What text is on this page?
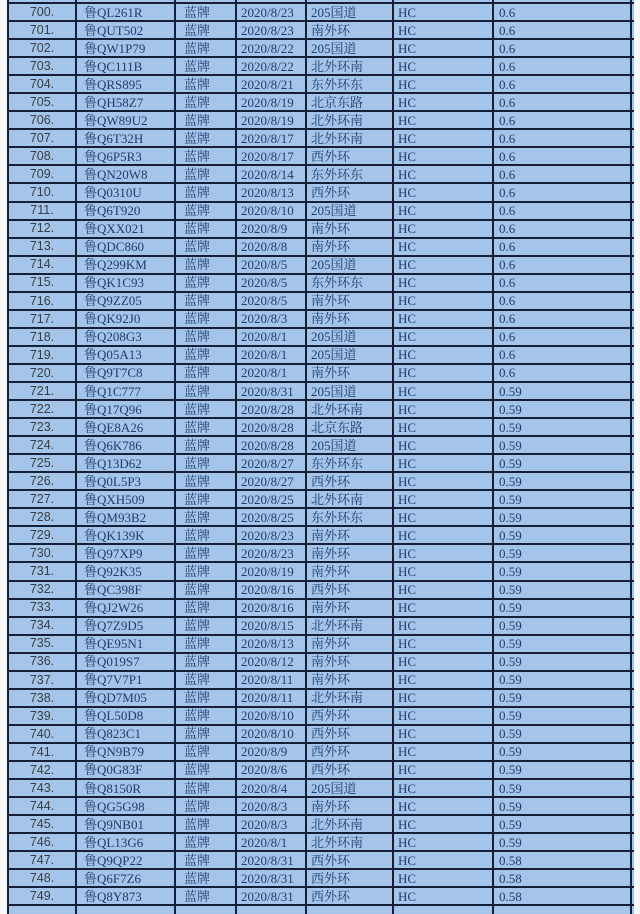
700.	鲁QL261R	蓝牌	2020/8/23	205国道	HC	0.6
701.	鲁QUT502	蓝牌	2020/8/23	南外环	HC	0.6
702.	鲁QW1P79	蓝牌	2020/8/22	205国道	HC	0.6
703.	鲁QC111B	蓝牌	2020/8/22	北外环南	HC	0.6
704.	鲁QRS895	蓝牌	2020/8/21	东外环东	HC	0.6
705.	鲁QH58Z7	蓝牌	2020/8/19	北京东路	HC	0.6
706.	鲁QW89U2	蓝牌	2020/8/19	北外环南	HC	0.6
707.	鲁Q6T32H	蓝牌	2020/8/17	北外环南	HC	0.6
708.	鲁Q6P5R3	蓝牌	2020/8/17	西外环	HC	0.6
709.	鲁QN20W8	蓝牌	2020/8/14	东外环东	HC	0.6
710.	鲁Q0310U	蓝牌	2020/8/13	西外环	HC	0.6
711.	鲁Q6T920	蓝牌	2020/8/10	205国道	HC	0.6
712.	鲁QXX021	蓝牌	2020/8/9	南外环	HC	0.6
713.	鲁QDC860	蓝牌	2020/8/8	南外环	HC	0.6
714.	鲁Q299KM	蓝牌	2020/8/5	205国道	HC	0.6
715.	鲁QK1C93	蓝牌	2020/8/5	东外环东	HC	0.6
716.	鲁Q9ZZ05	蓝牌	2020/8/5	南外环	HC	0.6
717.	鲁QK92J0	蓝牌	2020/8/3	南外环	HC	0.6
718.	鲁Q208G3	蓝牌	2020/8/1	205国道	HC	0.6
719.	鲁Q05A13	蓝牌	2020/8/1	205国道	HC	0.6
720.	鲁Q9T7C8	蓝牌	2020/8/1	南外环	HC	0.6
721.	鲁Q1C777	蓝牌	2020/8/31	205国道	HC	0.59
722.	鲁Q17Q96	蓝牌	2020/8/28	北外环南	HC	0.59
723.	鲁QE8A26	蓝牌	2020/8/28	北京东路	HC	0.59
724.	鲁Q6K786	蓝牌	2020/8/28	205国道	HC	0.59
725.	鲁Q13D62	蓝牌	2020/8/27	东外环东	HC	0.59
726.	鲁Q0L5P3	蓝牌	2020/8/27	西外环	HC	0.59
727.	鲁QXH509	蓝牌	2020/8/25	北外环南	HC	0.59
728.	鲁QM93B2	蓝牌	2020/8/25	东外环东	HC	0.59
729.	鲁QK139K	蓝牌	2020/8/23	南外环	HC	0.59
730.	鲁Q97XP9	蓝牌	2020/8/23	南外环	HC	0.59
731.	鲁Q92K35	蓝牌	2020/8/19	南外环	HC	0.59
732.	鲁QC398F	蓝牌	2020/8/16	西外环	HC	0.59
733.	鲁QJ2W26	蓝牌	2020/8/16	南外环	HC	0.59
734.	鲁Q7Z9D5	蓝牌	2020/8/15	北外环南	HC	0.59
735.	鲁QE95N1	蓝牌	2020/8/13	南外环	HC	0.59
736.	鲁Q019S7	蓝牌	2020/8/12	南外环	HC	0.59
737.	鲁Q7V7P1	蓝牌	2020/8/11	南外环	HC	0.59
738.	鲁QD7M05	蓝牌	2020/8/11	北外环南	HC	0.59
739.	鲁QL50D8	蓝牌	2020/8/10	西外环	HC	0.59
740.	鲁Q823C1	蓝牌	2020/8/10	西外环	HC	0.59
741.	鲁QN9B79	蓝牌	2020/8/9	西外环	HC	0.59
742.	鲁Q0G83F	蓝牌	2020/8/6	西外环	HC	0.59
743.	鲁Q8150R	蓝牌	2020/8/4	205国道	HC	0.59
744.	鲁QG5G98	蓝牌	2020/8/3	南外环	HC	0.59
745.	鲁Q9NB01	蓝牌	2020/8/3	北外环南	HC	0.59
746.	鲁QL13G6	蓝牌	2020/8/1	北外环南	HC	0.59
747.	鲁Q9QP22	蓝牌	2020/8/31	西外环	HC	0.58
748.	鲁Q6F7Z6	蓝牌	2020/8/31	西外环	HC	0.58
749.	鲁Q8Y873	蓝牌	2020/8/31	西外环	HC	0.58
